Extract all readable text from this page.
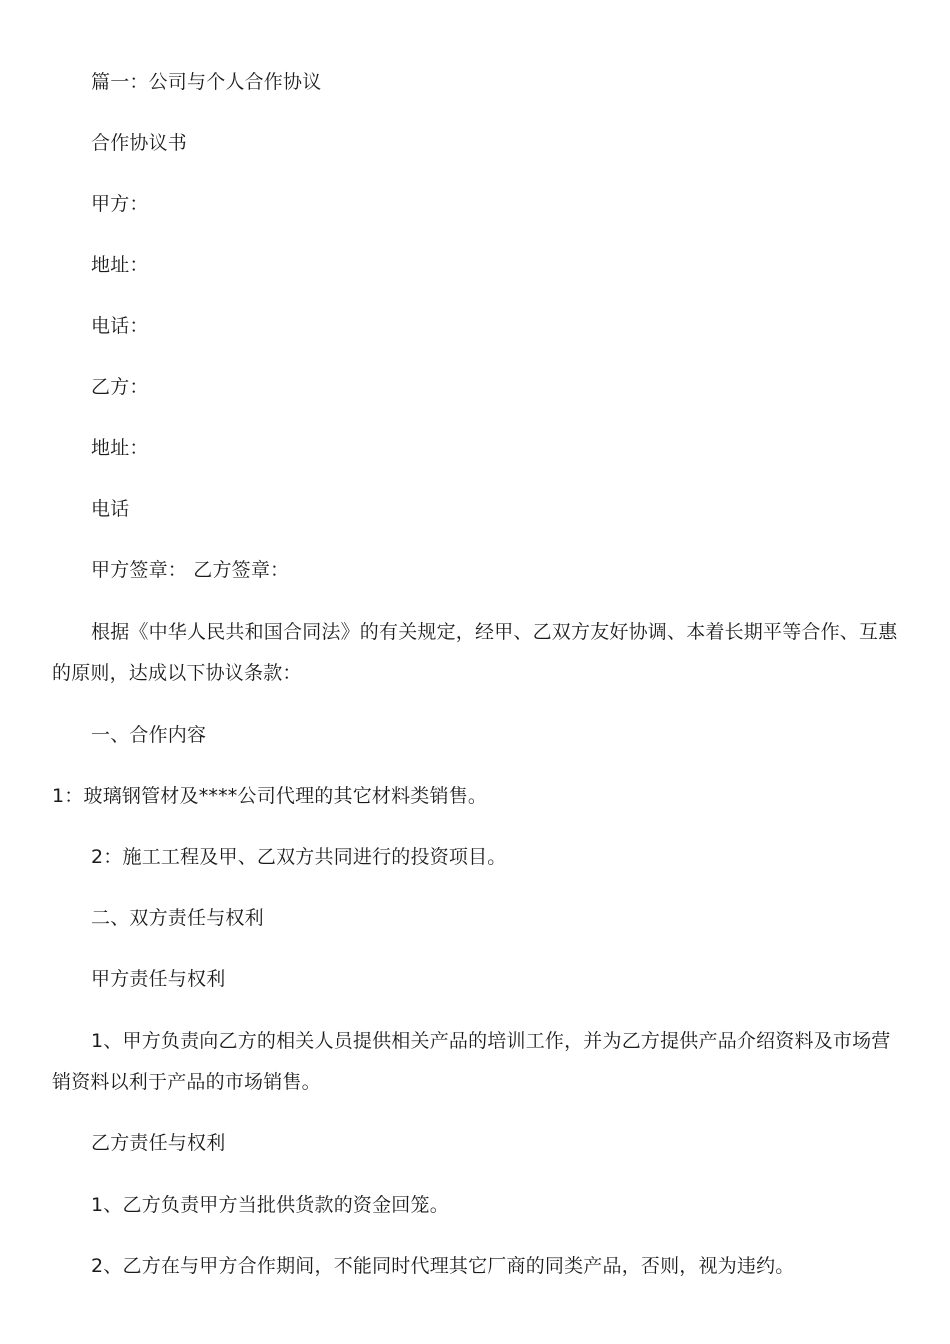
篇一：公司与个人合作协议
合作协议书
甲方：
地址：
电话：
乙方：
地址：
电话
甲方签章： 乙方签章：
根据《中华人民共和国合同法》的有关规定，经甲、乙双方友好协调、本着长期平等合作、互惠
的原则，达成以下协议条款：
一、合作内容
1：玻璃钢管材及****公司代理的其它材料类销售。
2：施工工程及甲、乙双方共同进行的投资项目。
二、双方责任与权利
甲方责任与权利
1、甲方负责向乙方的相关人员提供相关产品的培训工作，并为乙方提供产品介绍资料及市场营
销资料以利于产品的市场销售。
乙方责任与权利
1、乙方负责甲方当批供货款的资金回笼。
2、乙方在与甲方合作期间，不能同时代理其它厂商的同类产品，否则，视为违约。
